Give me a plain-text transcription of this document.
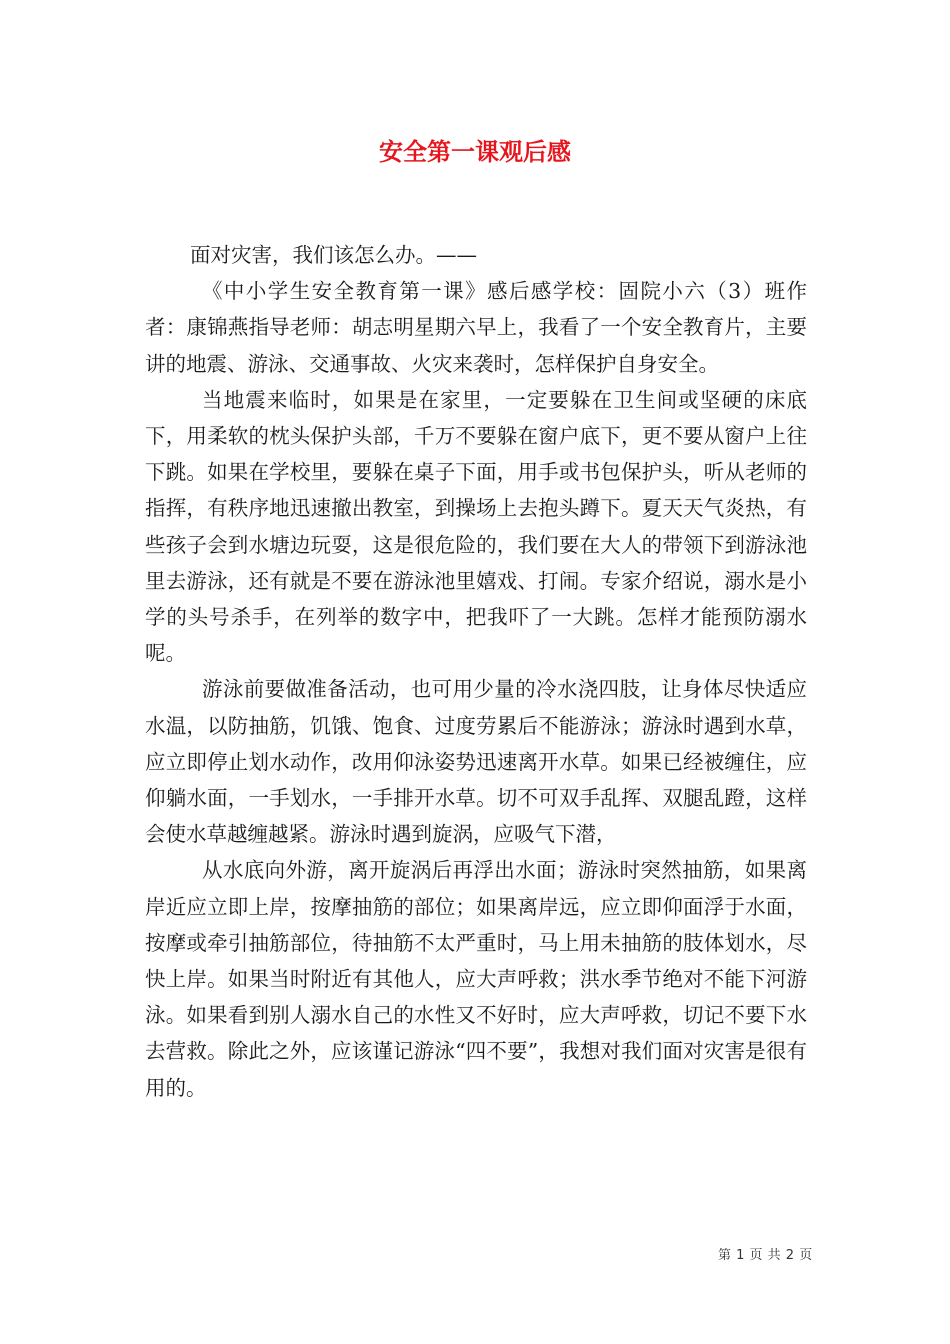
安全第一课观后感

面对灾害，我们该怎么办。——

《中小学生安全教育第一课》感后感学校：固院小六（3）班作者：康锦燕指导老师：胡志明星期六早上，我看了一个安全教育片，主要讲的地震、游泳、交通事故、火灾来袭时，怎样保护自身安全。

当地震来临时，如果是在家里，一定要躲在卫生间或坚硬的床底下，用柔软的枕头保护头部，千万不要躲在窗户底下，更不要从窗户上往下跳。如果在学校里，要躲在桌子下面，用手或书包保护头，听从老师的指挥，有秩序地迅速撤出教室，到操场上去抱头蹲下。夏天天气炎热，有些孩子会到水塘边玩耍，这是很危险的，我们要在大人的带领下到游泳池里去游泳，还有就是不要在游泳池里嬉戏、打闹。专家介绍说，溺水是小学的头号杀手，在列举的数字中，把我吓了一大跳。怎样才能预防溺水呢。

游泳前要做准备活动，也可用少量的冷水浇四肢，让身体尽快适应水温，以防抽筋，饥饿、饱食、过度劳累后不能游泳；游泳时遇到水草，应立即停止划水动作，改用仰泳姿势迅速离开水草。如果已经被缠住，应仰躺水面，一手划水，一手排开水草。切不可双手乱挥、双腿乱蹬，这样会使水草越缠越紧。游泳时遇到旋涡，应吸气下潜，

从水底向外游，离开旋涡后再浮出水面；游泳时突然抽筋，如果离岸近应立即上岸，按摩抽筋的部位；如果离岸远，应立即仰面浮于水面，按摩或牵引抽筋部位，待抽筋不太严重时，马上用未抽筋的肢体划水，尽快上岸。如果当时附近有其他人，应大声呼救；洪水季节绝对不能下河游泳。如果看到别人溺水自己的水性又不好时，应大声呼救，切记不要下水去营救。除此之外，应该谨记游泳“四不要”，我想对我们面对灾害是很有用的。

第 1 页 共 2 页
